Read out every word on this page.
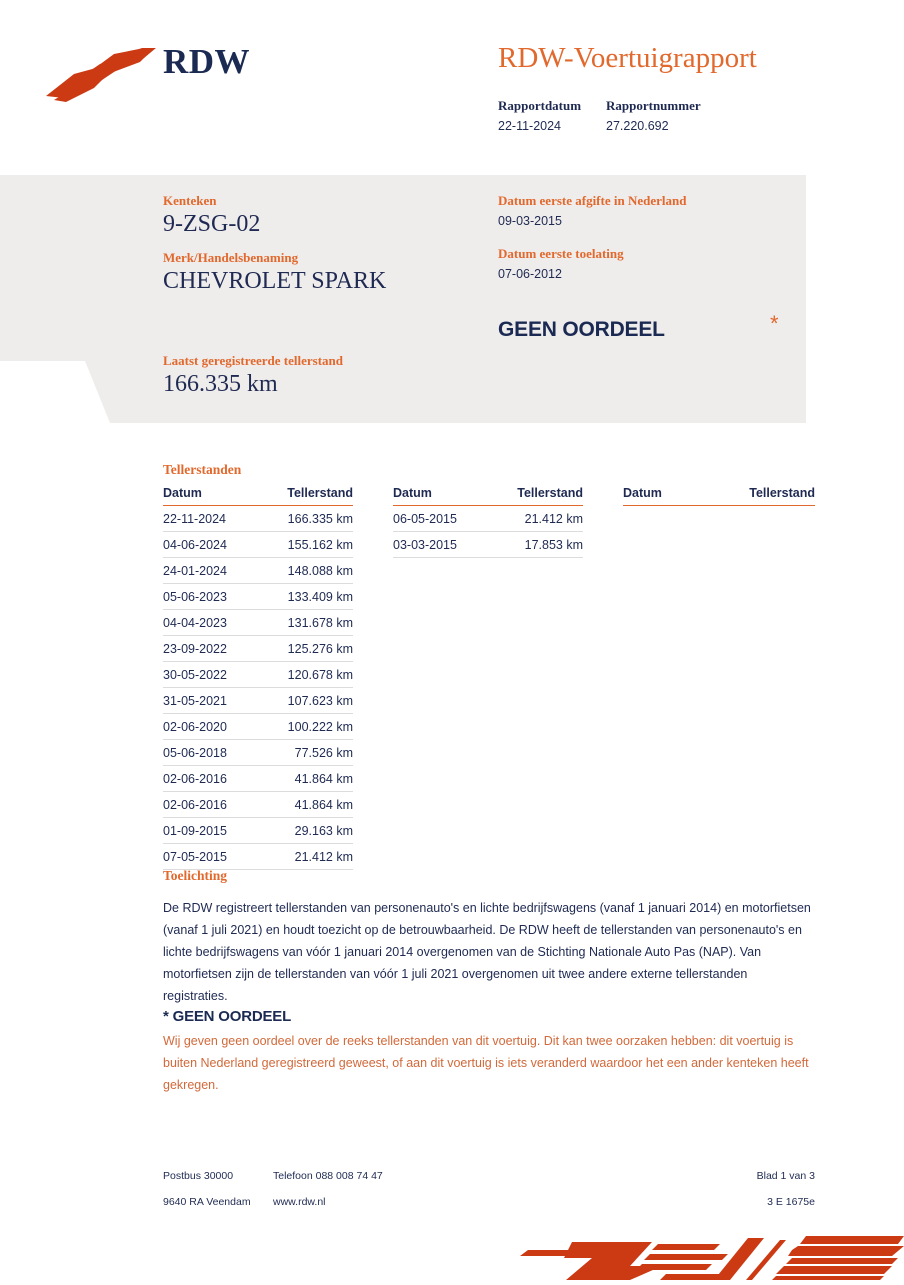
RDW	RDW-Voertuigrapport
Rapportdatum
22-11-2024
Rapportnummer
27.220.692
Kenteken
9-ZSG-02
Merk/Handelsbenaming
CHEVROLET SPARK
Laatst geregistreerde tellerstand
166.335 km
Datum eerste afgifte in Nederland
09-03-2015
Datum eerste toelating
07-06-2012
GEEN OORDEEL	*
Tellerstanden
Datum	Tellerstand
22-11-2024	166.335 km
04-06-2024	155.162 km
24-01-2024	148.088 km
05-06-2023	133.409 km
04-04-2023	131.678 km
23-09-2022	125.276 km
30-05-2022	120.678 km
31-05-2021	107.623 km
02-06-2020	100.222 km
05-06-2018	77.526 km
02-06-2016	41.864 km
02-06-2016	41.864 km
01-09-2015	29.163 km
07-05-2015	21.412 km
Datum	Tellerstand
06-05-2015	21.412 km
03-03-2015	17.853 km
Datum	Tellerstand
Toelichting

De RDW registreert tellerstanden van personenauto's en lichte bedrijfswagens (vanaf 1 januari 2014) en motorfietsen (vanaf 1 juli 2021) en houdt toezicht op de betrouwbaarheid. De RDW heeft de tellerstanden van personenauto's en lichte bedrijfswagens van vóór 1 januari 2014 overgenomen van de Stichting Nationale Auto Pas (NAP). Van motorfietsen zijn de tellerstanden van vóór 1 juli 2021 overgenomen uit twee andere externe tellerstanden registraties.

* GEEN OORDEEL

Wij geven geen oordeel over de reeks tellerstanden van dit voertuig. Dit kan twee oorzaken hebben: dit voertuig is buiten Nederland geregistreerd geweest, of aan dit voertuig is iets veranderd waardoor het een ander kenteken heeft gekregen.

Postbus 30000	Telefoon 088 008 74 47	Blad 1 van 3
9640 RA Veendam	www.rdw.nl	3 E 1675e
